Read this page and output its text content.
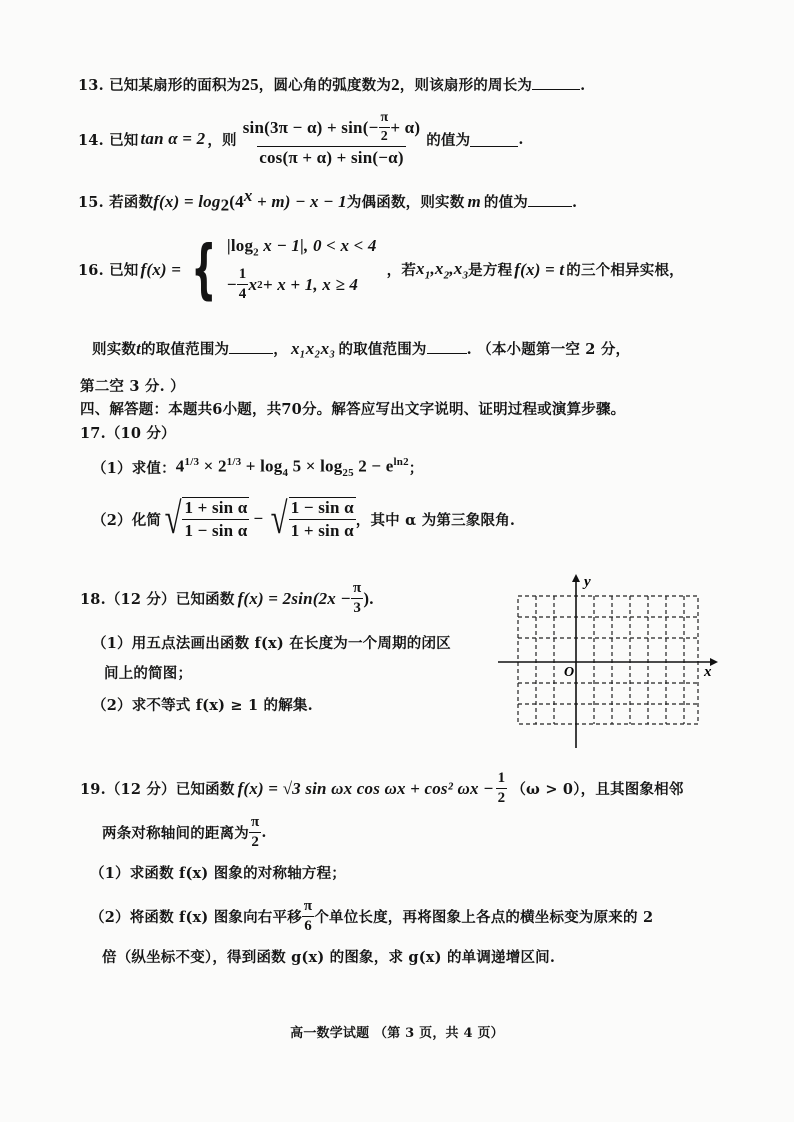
13. 已知某扇形的面积为25，圆心角的弧度数为2，则该扇形的周长为	.
14. 已知 tan α = 2 ，则
$\sin(3\pi - \alpha) + \sin(- \frac{\pi}{2} + \alpha)$
cos(π + α) + sin(−α)
的值为	.
15. 若函数$f(x) = \log_2(4^x + m) - x - 1$为偶函数，则实数 m 的值为	.
16. 已知 f(x) = { $|\log_2$ x − 1|, 0 < x < 4
− $\frac{1}{4}$ x 2 + x + 1, x ≥ 4
，若 $x_1,x_2,x_3$ 是方程 f(x) = t 的三个相异实根，
则实数t的取值范围为	， x₁x₂x₃ 的取值范围为	. （本小题第一空 2 分，
第二空 3 分. ）
四、解答题：本题共6小题，共70分。解答应写出文字说明、证明过程或演算步骤。
17.（10 分）
（1）求值： $4^{1/3} \times 2^{1/3} + \log_4 5 \times \log_{25} 2 - e^{ln2}$ ；
（2）化简 √ $\frac{\text{1 + sin α}}{\text{1 − sin α}}$ − √ $\frac{\text{1 − sin α}}{\text{1 + sin α}}$ ，其中 α 为第三象限角.
18.（12 分）已知函数 $f(x) = 2\sin(2x - \frac{\pi}{3}$ ).
（1）用五点法画出函数 f(x) 在长度为一个周期的闭区
间上的简图；
（2）求不等式 f(x) ≥ 1 的解集.
x
y
O
19.（12 分）已知函数 f(x) = √3 sin ωx cos ωx + cos² $\omega x - \frac{1}{2} (\omega > 0)$，且其图象相邻
两条对称轴间的距离为 $\frac{\pi}{2}$ .
（1）求函数 f(x) 图象的对称轴方程；
（2）将函数 f(x) 图象向右平移 $\frac{\pi}{6}$ 个单位长度，再将图象上各点的横坐标变为原来的 2
倍（纵坐标不变），得到函数 g(x) 的图象，求 g(x) 的单调递增区间.
高一数学试题 （第 3 页，共 4 页）
